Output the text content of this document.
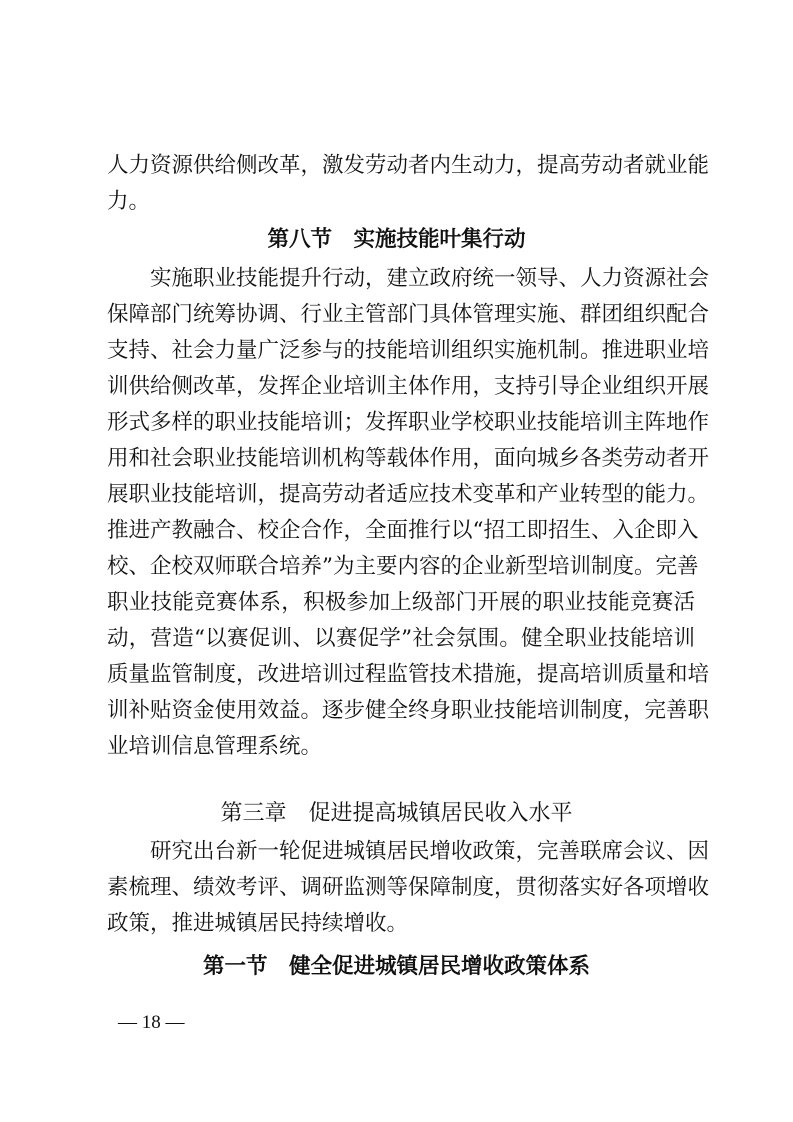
人力资源供给侧改革，激发劳动者内生动力，提高劳动者就业能
力。
第八节　实施技能叶集行动
　　实施职业技能提升行动，建立政府统一领导、人力资源社会
保障部门统筹协调、行业主管部门具体管理实施、群团组织配合
支持、社会力量广泛参与的技能培训组织实施机制。推进职业培
训供给侧改革，发挥企业培训主体作用，支持引导企业组织开展
形式多样的职业技能培训；发挥职业学校职业技能培训主阵地作
用和社会职业技能培训机构等载体作用，面向城乡各类劳动者开
展职业技能培训，提高劳动者适应技术变革和产业转型的能力。
推进产教融合、校企合作，全面推行以“招工即招生、入企即入
校、企校双师联合培养”为主要内容的企业新型培训制度。完善
职业技能竞赛体系，积极参加上级部门开展的职业技能竞赛活
动，营造“以赛促训、以赛促学”社会氛围。健全职业技能培训
质量监管制度，改进培训过程监管技术措施，提高培训质量和培
训补贴资金使用效益。逐步健全终身职业技能培训制度，完善职
业培训信息管理系统。
第三章　促进提高城镇居民收入水平
　　研究出台新一轮促进城镇居民增收政策，完善联席会议、因
素梳理、绩效考评、调研监测等保障制度，贯彻落实好各项增收
政策，推进城镇居民持续增收。
第一节　健全促进城镇居民增收政策体系
— 18 —
